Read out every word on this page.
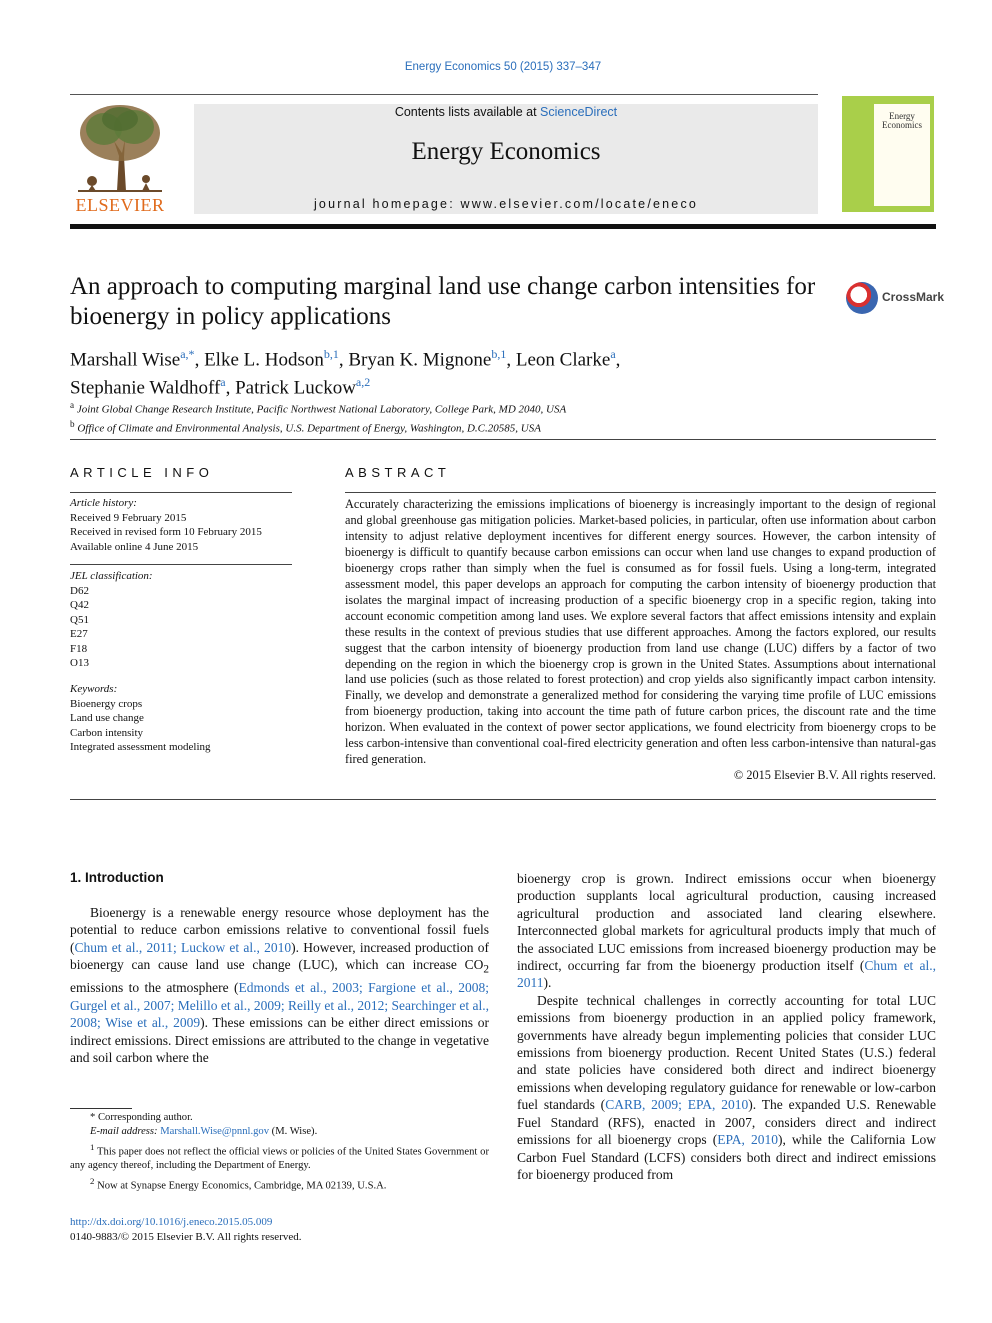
Energy Economics 50 (2015) 337–347
ELSEVIER
Contents lists available at ScienceDirect
Energy Economics
journal homepage: www.elsevier.com/locate/eneco
Energy Economics
An approach to computing marginal land use change carbon intensities for bioenergy in policy applications
CrossMark
Marshall Wise$^{a,*}$, Elke L. Hodson$^{b,1}$, Bryan K. Mignone$^{b,1}$, Leon Clarke$^a$,
Stephanie Waldhoff$^a$, Patrick Luckow$^{a,2}$
$^a$ Joint Global Change Research Institute, Pacific Northwest National Laboratory, College Park, MD 2040, USA
$^b$ Office of Climate and Environmental Analysis, U.S. Department of Energy, Washington, D.C.20585, USA
ARTICLE INFO
Article history:
Received 9 February 2015
Received in revised form 10 February 2015
Available online 4 June 2015
JEL classification:
D62
Q42
Q51
E27
F18
O13
Keywords:
Bioenergy crops
Land use change
Carbon intensity
Integrated assessment modeling
ABSTRACT
Accurately characterizing the emissions implications of bioenergy is increasingly important to the design of regional and global greenhouse gas mitigation policies. Market-based policies, in particular, often use information about carbon intensity to adjust relative deployment incentives for different energy sources. However, the carbon intensity of bioenergy is difficult to quantify because carbon emissions can occur when land use changes to expand production of bioenergy crops rather than simply when the fuel is consumed as for fossil fuels. Using a long-term, integrated assessment model, this paper develops an approach for computing the carbon intensity of bioenergy production that isolates the marginal impact of increasing production of a specific bioenergy crop in a specific region, taking into account economic competition among land uses. We explore several factors that affect emissions intensity and explain these results in the context of previous studies that use different approaches. Among the factors explored, our results suggest that the carbon intensity of bioenergy production from land use change (LUC) differs by a factor of two depending on the region in which the bioenergy crop is grown in the United States. Assumptions about international land use policies (such as those related to forest protection) and crop yields also significantly impact carbon intensity. Finally, we develop and demonstrate a generalized method for considering the varying time profile of LUC emissions from bioenergy production, taking into account the time path of future carbon prices, the discount rate and the time horizon. When evaluated in the context of power sector applications, we found electricity from bioenergy crops to be less carbon-intensive than conventional coal-fired electricity generation and often less carbon-intensive than natural-gas fired generation.
© 2015 Elsevier B.V. All rights reserved.
1. Introduction

Bioenergy is a renewable energy resource whose deployment has the potential to reduce carbon emissions relative to conventional fossil fuels (Chum et al., 2011; Luckow et al., 2010). However, increased production of bioenergy can cause land use change (LUC), which can increase $CO_2$ emissions to the atmosphere (Edmonds et al., 2003; Fargione et al., 2008; Gurgel et al., 2007; Melillo et al., 2009; Reilly et al., 2012; Searchinger et al., 2008; Wise et al., 2009). These emissions can be either direct emissions or indirect emissions. Direct emissions are attributed to the change in vegetative and soil carbon where the

bioenergy crop is grown. Indirect emissions occur when bioenergy production supplants local agricultural production, causing increased agricultural production and associated land clearing elsewhere. Interconnected global markets for agricultural products imply that much of the associated LUC emissions from increased bioenergy production may be indirect, occurring far from the bioenergy production itself (Chum et al., 2011).

Despite technical challenges in correctly accounting for total LUC emissions from bioenergy production in an applied policy framework, governments have already begun implementing policies that consider LUC emissions from bioenergy production. Recent United States (U.S.) federal and state policies have considered both direct and indirect bioenergy emissions when developing regulatory guidance for renewable or low-carbon fuel standards (CARB, 2009; EPA, 2010). The expanded U.S. Renewable Fuel Standard (RFS), enacted in 2007, considers direct and indirect emissions for all bioenergy crops (EPA, 2010), while the California Low Carbon Fuel Standard (LCFS) considers both direct and indirect emissions for bioenergy produced from

* Corresponding author.

E-mail address: Marshall.Wise@pnnl.gov (M. Wise).

$^1$ This paper does not reflect the official views or policies of the United States Government or any agency thereof, including the Department of Energy.

$^2$ Now at Synapse Energy Economics, Cambridge, MA 02139, U.S.A.

http://dx.doi.org/10.1016/j.eneco.2015.05.009
0140-9883/© 2015 Elsevier B.V. All rights reserved.
